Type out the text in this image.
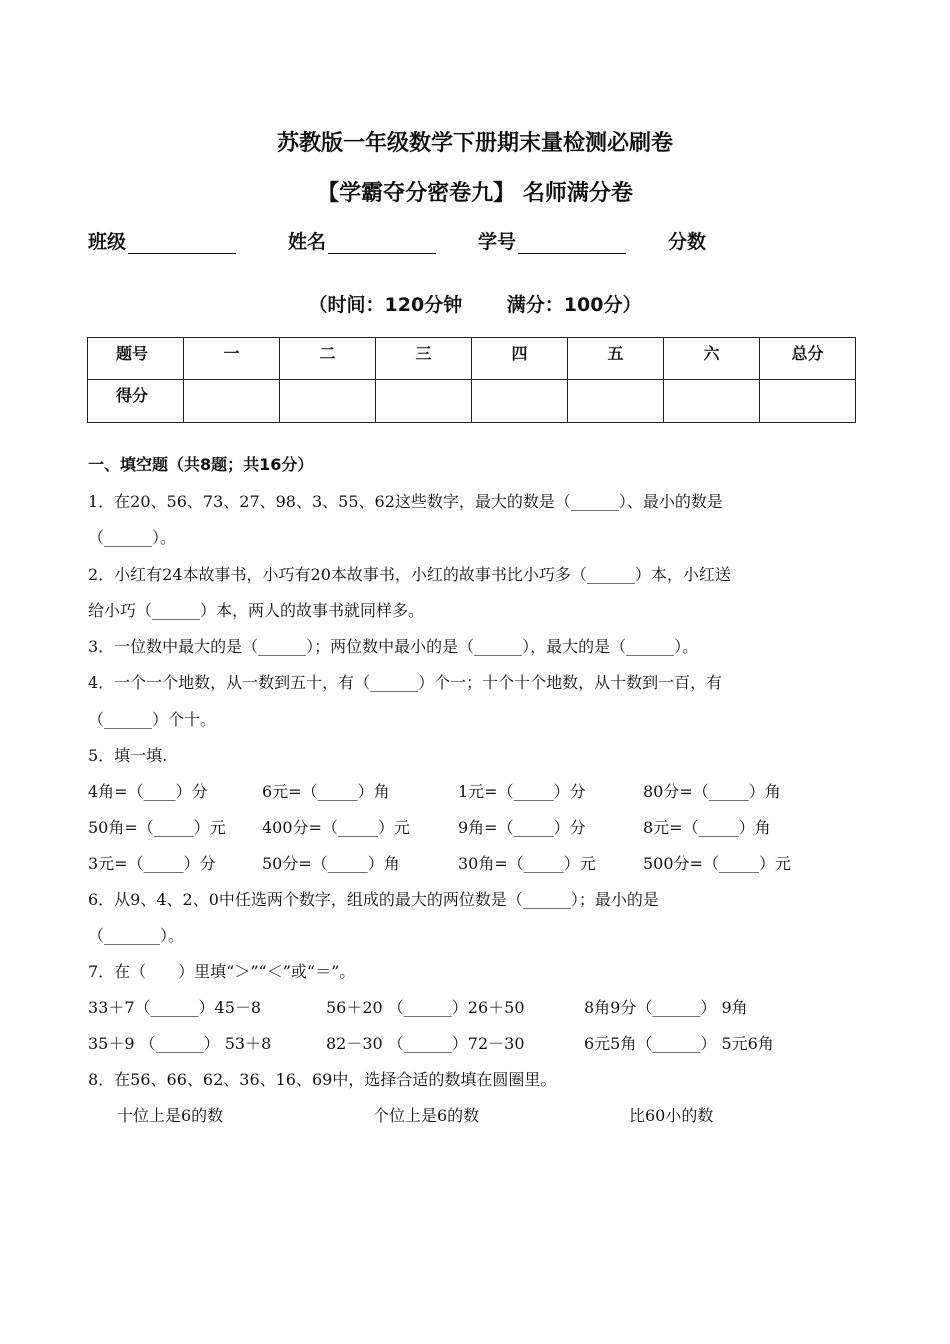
苏教版一年级数学下册期末量检测必刷卷
【学霸夺分密卷九】 名师满分卷
班级	姓名	学号	分数
（时间：120分钟　　 满分：100分）
题号	一	二	三	四	五	六	总分
得分							
一、填空题（共8题；共16分）
1．在20、56、73、27、98、3、55、62这些数字，最大的数是（______）、最小的数是
（______）。
2．小红有24本故事书，小巧有20本故事书，小红的故事书比小巧多（______）本，小红送
给小巧（______）本，两人的故事书就同样多。
3．一位数中最大的是（______）；两位数中最小的是（______），最大的是（______）。
4．一个一个地数，从一数到五十，有（______）个一；十个十个地数，从十数到一百，有
（______）个十。
5．填一填.
4角=（____）分	6元=（_____）角	1元=（_____）分	80分=（_____）角
50角=（_____）元 400分=（_____）元	9角=（_____）分	8元=（_____）角
3元=（_____）分	50分=（_____）角	30角=（_____）元	500分=（_____）元
6．从9、4、2、0中任选两个数字，组成的最大的两位数是（______）；最小的是
（_______）。
7．在（　　）里填“＞”“＜”或“＝”。
33＋7（______）45－8	56＋20 （______）26＋50	8角9分（______） 9角
35＋9 （______） 53＋8	82－30 （______）72－30	6元5角（______） 5元6角
8．在56、66、62、36、16、69中，选择合适的数填在圆圈里。
十位上是6的数	个位上是6的数	比60小的数
